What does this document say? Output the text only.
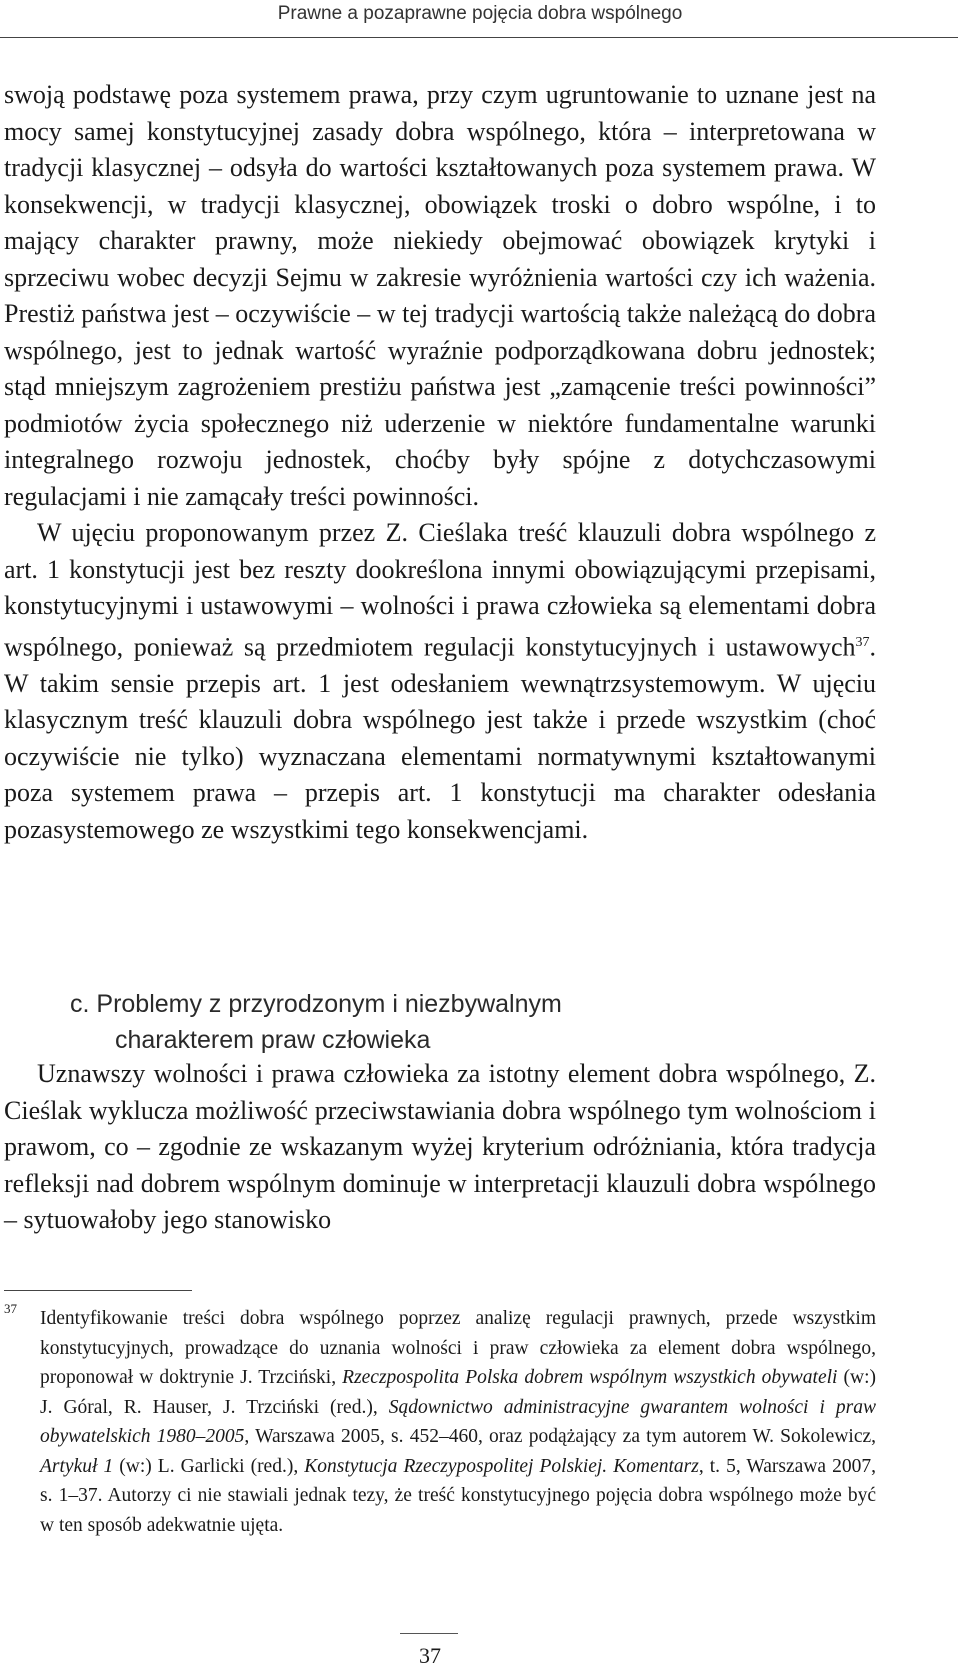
Prawne a pozaprawne pojęcia dobra wspólnego

swoją podstawę poza systemem prawa, przy czym ugruntowanie to uznane jest na mocy samej konstytucyjnej zasady dobra wspólnego, która – interpretowana w tradycji klasycznej – odsyła do wartości kształtowanych poza systemem prawa. W konsekwencji, w tradycji klasycznej, obowiązek troski o dobro wspólne, i to mający charakter prawny, może niekiedy obejmować obowiązek krytyki i sprzeciwu wobec decyzji Sejmu w zakresie wyróżnienia wartości czy ich ważenia. Prestiż państwa jest – oczywiście – w tej tradycji wartością także należącą do dobra wspólnego, jest to jednak wartość wyraźnie podporządkowana dobru jednostek; stąd mniejszym zagrożeniem prestiżu państwa jest „zamącenie treści powinności” podmiotów życia społecznego niż uderzenie w niektóre fundamentalne warunki integralnego rozwoju jednostek, choćby były spójne z dotychczasowymi regulacjami i nie zamącały treści powinności.

W ujęciu proponowanym przez Z. Cieślaka treść klauzuli dobra wspólnego z art. 1 konstytucji jest bez reszty dookreślona innymi obowiązującymi przepisami, konstytucyjnymi i ustawowymi – wolności i prawa człowieka są elementami dobra wspólnego, ponieważ są przedmiotem regulacji konstytucyjnych i ustawowych$^{37}$. W takim sensie przepis art. 1 jest odesłaniem wewnątrzsystemowym. W ujęciu klasycznym treść klauzuli dobra wspólnego jest także i przede wszystkim (choć oczywiście nie tylko) wyznaczana elementami normatywnymi kształtowanymi poza systemem prawa – przepis art. 1 konstytucji ma charakter odesłania pozasystemowego ze wszystkimi tego konsekwencjami.

c. Problemy z przyrodzonym i niezbywalnym
charakterem praw człowieka

Uznawszy wolności i prawa człowieka za istotny element dobra wspólnego, Z. Cieślak wyklucza możliwość przeciwstawiania dobra wspólnego tym wolnościom i prawom, co – zgodnie ze wskazanym wyżej kryterium odróżniania, która tradycja refleksji nad dobrem wspólnym dominuje w interpretacji klauzuli dobra wspólnego – sytuowałoby jego stanowisko

37 Identyfikowanie treści dobra wspólnego poprzez analizę regulacji prawnych, przede wszystkim konstytucyjnych, prowadzące do uznania wolności i praw człowieka za element dobra wspólnego, proponował w doktrynie J. Trzciński, Rzeczpospolita Polska dobrem wspólnym wszystkich obywateli (w:) J. Góral, R. Hauser, J. Trzciński (red.), Sądownictwo administracyjne gwarantem wolności i praw obywatelskich 1980–2005, Warszawa 2005, s. 452–460, oraz podążający za tym autorem W. Sokolewicz, Artykuł 1 (w:) L. Garlicki (red.), Konstytucja Rzeczypospolitej Polskiej. Komentarz, t. 5, Warszawa 2007, s. 1–37. Autorzy ci nie stawiali jednak tezy, że treść konstytucyjnego pojęcia dobra wspólnego może być w ten sposób adekwatnie ujęta.
37
